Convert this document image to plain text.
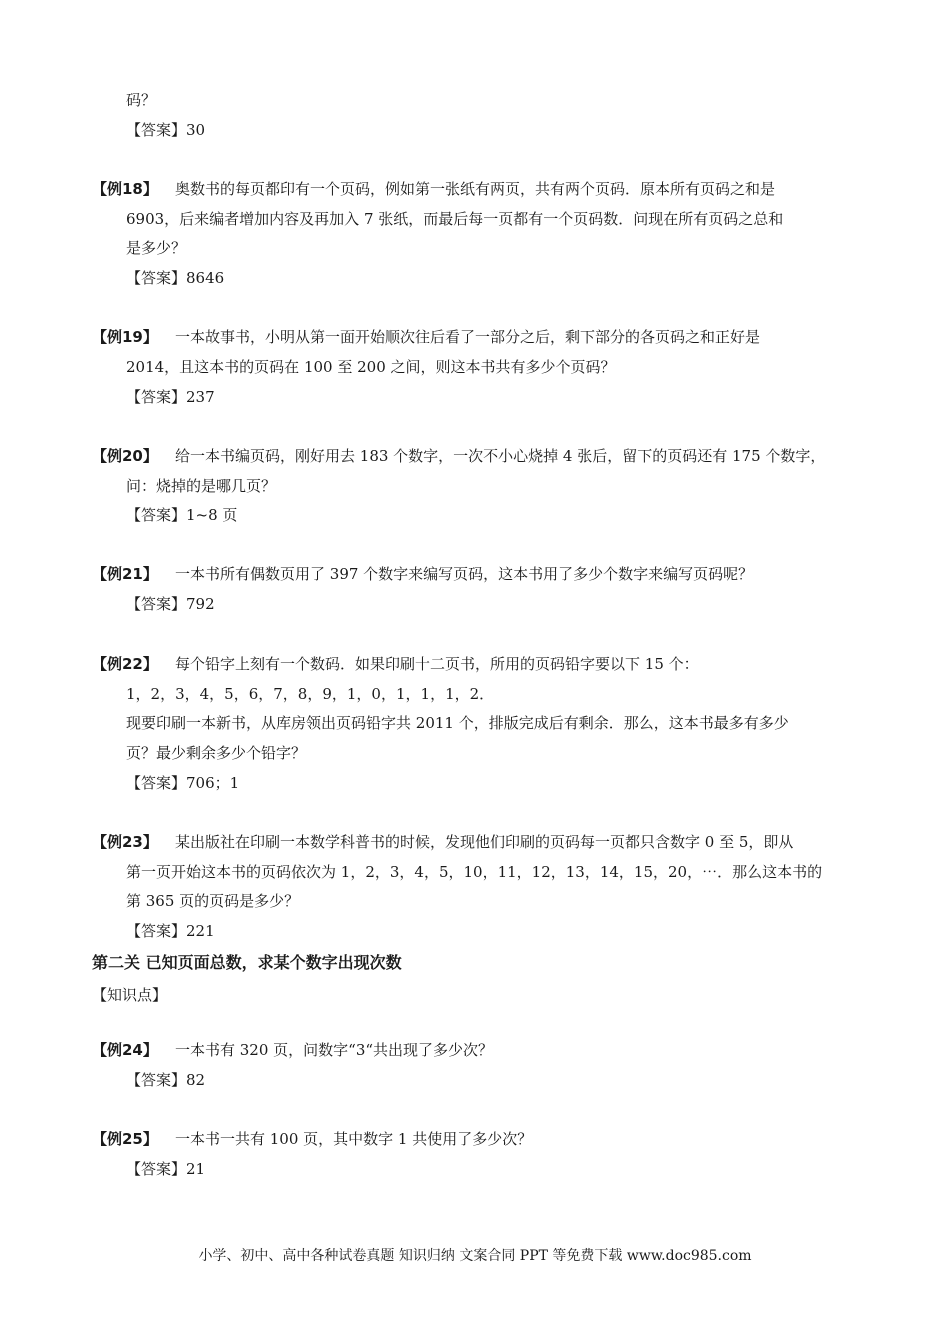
码？
【答案】30
【例18】 奥数书的每页都印有一个页码，例如第一张纸有两页，共有两个页码．原本所有页码之和是
6903，后来编者增加内容及再加入 7 张纸，而最后每一页都有一个页码数．问现在所有页码之总和
是多少？
【答案】8646
【例19】 一本故事书，小明从第一面开始顺次往后看了一部分之后，剩下部分的各页码之和正好是
2014，且这本书的页码在 100 至 200 之间，则这本书共有多少个页码？
【答案】237
【例20】 给一本书编页码，刚好用去 183 个数字，一次不小心烧掉 4 张后，留下的页码还有 175 个数字，
问：烧掉的是哪几页？
【答案】1~8 页
【例21】 一本书所有偶数页用了 397 个数字来编写页码，这本书用了多少个数字来编写页码呢？
【答案】792
【例22】 每个铅字上刻有一个数码．如果印刷十二页书，所用的页码铅字要以下 15 个：
1，2，3，4，5，6，7，8，9，1，0，1，1，1，2．
现要印刷一本新书，从库房领出页码铅字共 2011 个，排版完成后有剩余．那么，这本书最多有多少
页？最少剩余多少个铅字？
【答案】706；1
【例23】 某出版社在印刷一本数学科普书的时候，发现他们印刷的页码每一页都只含数字 0 至 5，即从
第一页开始这本书的页码依次为 1，2，3，4，5，10，11，12，13，14，15，20，⋯．那么这本书的
第 365 页的页码是多少？
【答案】221
第二关 已知页面总数，求某个数字出现次数
【知识点】
【例24】 一本书有 320 页，问数字“3“共出现了多少次？
【答案】82
【例25】 一本书一共有 100 页，其中数字 1 共使用了多少次？
【答案】21
小学、初中、高中各种试卷真题 知识归纳 文案合同 PPT 等免费下载 www.doc985.com
